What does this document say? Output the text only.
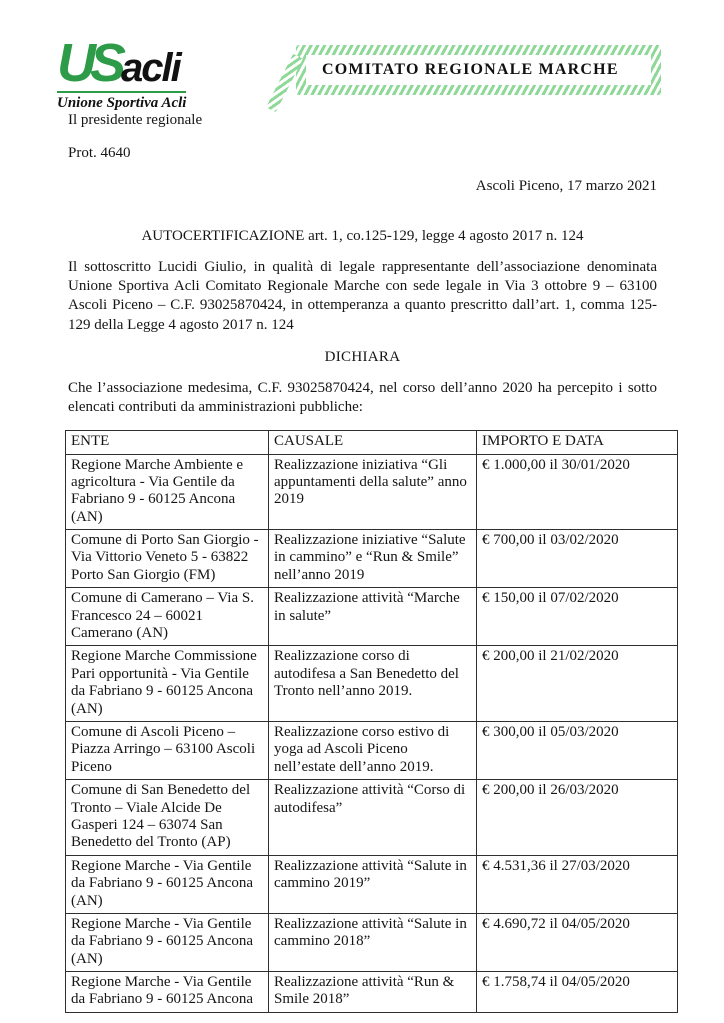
USacli
Unione Sportiva Acli
COMITATO REGIONALE MARCHE
Il presidente regionale
Prot. 4640
Ascoli Piceno, 17 marzo 2021
AUTOCERTIFICAZIONE art. 1, co.125-129, legge 4 agosto 2017 n. 124

Il sottoscritto Lucidi Giulio, in qualità di legale rappresentante dell’associazione denominata Unione Sportiva Acli Comitato Regionale Marche con sede legale in Via 3 ottobre 9 – 63100 Ascoli Piceno – C.F. 93025870424, in ottemperanza a quanto prescritto dall’art. 1, comma 125-129 della Legge 4 agosto 2017 n. 124

DICHIARA

Che l’associazione medesima, C.F. 93025870424, nel corso dell’anno 2020 ha percepito i sotto elencati contributi da amministrazioni pubbliche:

ENTE	CAUSALE	IMPORTO E DATA
Regione Marche Ambiente e agricoltura - Via Gentile da Fabriano 9 - 60125 Ancona (AN)	Realizzazione iniziativa “Gli appuntamenti della salute” anno 2019	€ 1.000,00 il 30/01/2020
Comune di Porto San Giorgio - Via Vittorio Veneto 5 - 63822 Porto San Giorgio (FM)	Realizzazione iniziative “Salute in cammino” e “Run & Smile” nell’anno 2019	€ 700,00 il 03/02/2020
Comune di Camerano – Via S. Francesco 24 – 60021 Camerano (AN)	Realizzazione attività “Marche in salute”	€ 150,00 il 07/02/2020
Regione Marche Commissione Pari opportunità - Via Gentile da Fabriano 9 - 60125 Ancona (AN)	Realizzazione corso di autodifesa a San Benedetto del Tronto nell’anno 2019.	€ 200,00 il 21/02/2020
Comune di Ascoli Piceno – Piazza Arringo – 63100 Ascoli Piceno	Realizzazione corso estivo di yoga ad Ascoli Piceno nell’estate dell’anno 2019.	€ 300,00 il 05/03/2020
Comune di San Benedetto del Tronto – Viale Alcide De Gasperi 124 – 63074 San Benedetto del Tronto (AP)	Realizzazione attività “Corso di autodifesa”	€ 200,00 il 26/03/2020
Regione Marche - Via Gentile da Fabriano 9 - 60125 Ancona (AN)	Realizzazione attività “Salute in cammino 2019”	€ 4.531,36 il 27/03/2020
Regione Marche - Via Gentile da Fabriano 9 - 60125 Ancona (AN)	Realizzazione attività “Salute in cammino 2018”	€ 4.690,72 il 04/05/2020
Regione Marche - Via Gentile da Fabriano 9 - 60125 Ancona	Realizzazione attività “Run & Smile 2018”	€ 1.758,74 il 04/05/2020
